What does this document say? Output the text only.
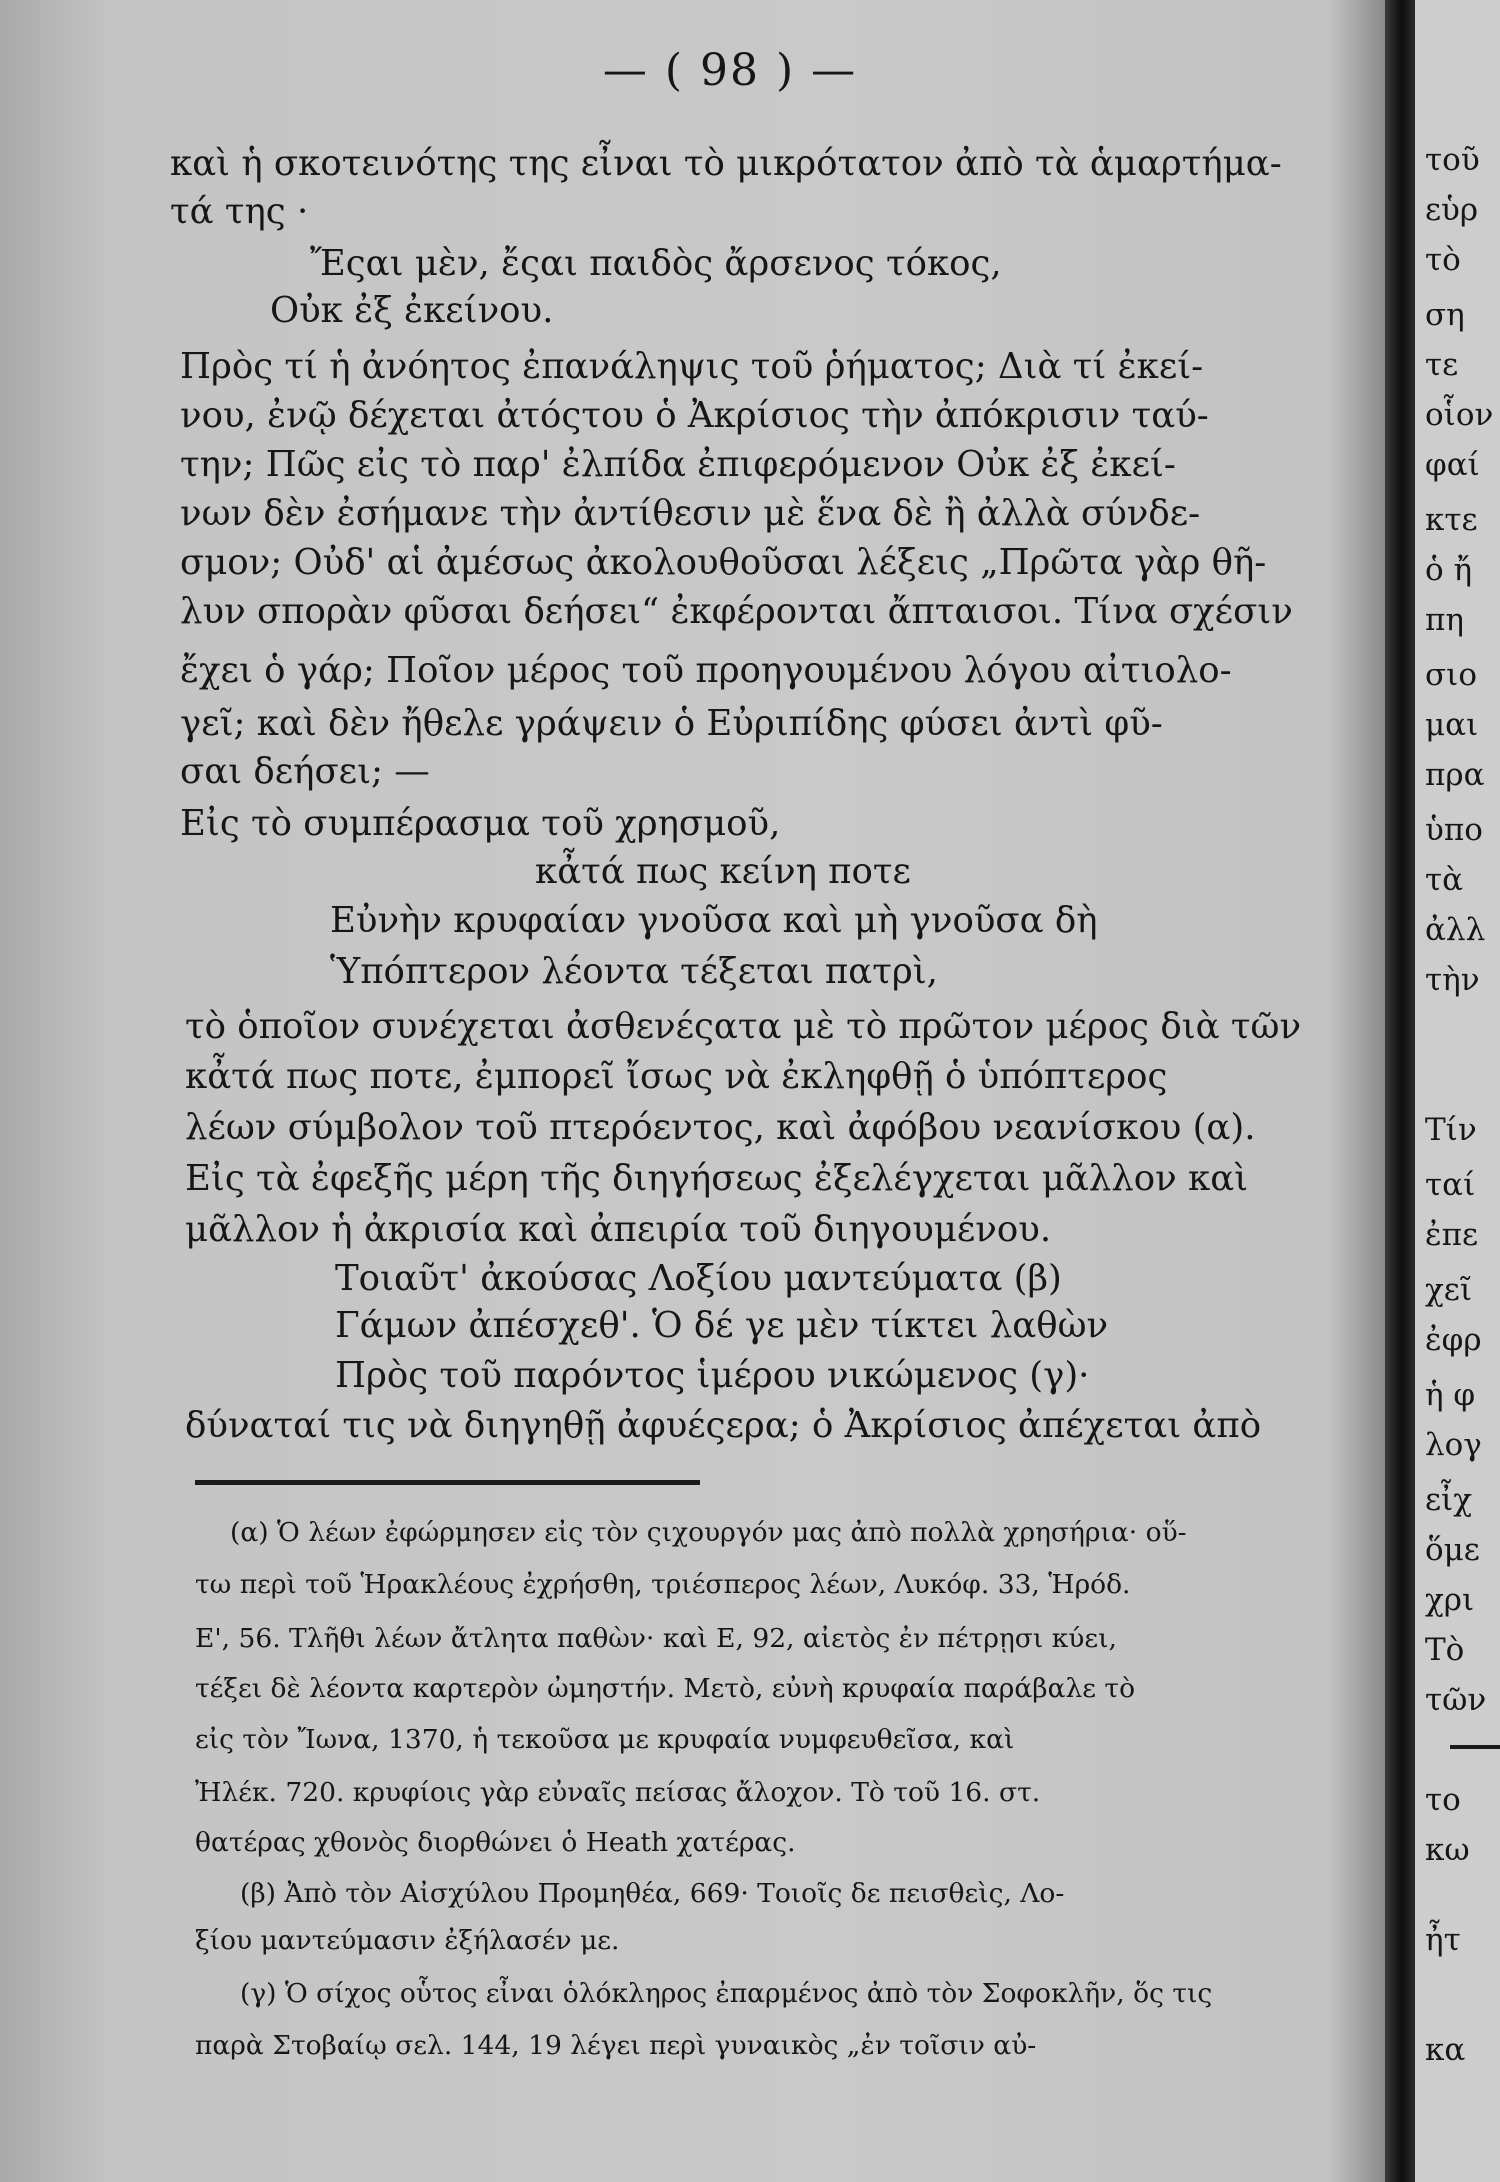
— ( 98 ) —
καὶ ἡ σκοτεινότης της εἶναι τὸ μικρότατον ἀπὸ τὰ ἁμαρτήμα-
τά της ·
Ἔςαι μὲν, ἔςαι παιδὸς ἄρσενος τόκος,
Οὐκ ἐξ ἐκείνου.
Πρὸς τί ἡ ἀνόητος ἐπανάληψις τοῦ ῥήματος; Διὰ τί ἐκεί-
νου, ἐνῷ δέχεται ἀτόςτου ὁ Ἀκρίσιος τὴν ἀπόκρισιν ταύ-
την; Πῶς εἰς τὸ παρ' ἐλπίδα ἐπιφερόμενον Οὐκ ἐξ ἐκεί-
νων δὲν ἐσήμανε τὴν ἀντίθεσιν μὲ ἕνα δὲ ἢ ἀλλὰ σύνδε-
σμον; Οὐδ' αἱ ἀμέσως ἀκολουθοῦσαι λέξεις „Πρῶτα γὰρ θῆ-
λυν σπορὰν φῦσαι δεήσει“ ἐκφέρονται ἄπταισοι. Τίνα σχέσιν
ἔχει ὁ γάρ; Ποῖον μέρος τοῦ προηγουμένου λόγου αἰτιολο-
γεῖ; καὶ δὲν ἤθελε γράψειν ὁ Εὐριπίδης φύσει ἀντὶ φῦ-
σαι δεήσει; —
Εἰς τὸ συμπέρασμα τοῦ χρησμοῦ,
κἆτά πως κείνη ποτε
Εὐνὴν κρυφαίαν γνοῦσα καὶ μὴ γνοῦσα δὴ
Ὑπόπτερον λέοντα τέξεται πατρὶ,
τὸ ὁποῖον συνέχεται ἀσθενέςατα μὲ τὸ πρῶτον μέρος διὰ τῶν
κἆτά πως ποτε, ἐμπορεῖ ἴσως νὰ ἐκληφθῇ ὁ ὑπόπτερος
λέων σύμβολον τοῦ πτερόεντος, καὶ ἀφόβου νεανίσκου (α).
Εἰς τὰ ἐφεξῆς μέρη τῆς διηγήσεως ἐξελέγχεται μᾶλλον καὶ
μᾶλλον ἡ ἀκρισία καὶ ἀπειρία τοῦ διηγουμένου.
Τοιαῦτ' ἀκούσας Λοξίου μαντεύματα (β)
Γάμων ἀπέσχεθ'. Ὁ δέ γε μὲν τίκτει λαθὼν
Πρὸς τοῦ παρόντος ἱμέρου νικώμενος (γ)·
δύναταί τις νὰ διηγηθῇ ἀφυέςερα; ὁ Ἀκρίσιος ἀπέχεται ἀπὸ
(α) Ὁ λέων ἐφώρμησεν εἰς τὸν ςιχουργόν μας ἀπὸ πολλὰ χρησήρια· οὕ-
τω περὶ τοῦ Ἡρακλέους ἐχρήσθη, τριέσπερος λέων, Λυκόφ. 33, Ἡρόδ.
Ε', 56. Τλῆθι λέων ἄτλητα παθὼν· καὶ Ε, 92, αἰετὸς ἐν πέτρῃσι κύει,
τέξει δὲ λέοντα καρτερὸν ὠμηστήν. Μετὸ, εὐνὴ κρυφαία παράβαλε τὸ
εἰς τὸν Ἴωνα, 1370, ἡ τεκοῦσα με κρυφαία νυμφευθεῖσα, καὶ
Ἠλέκ. 720. κρυφίοις γὰρ εὐναῖς πείσας ἄλοχον. Τὸ τοῦ 16. στ.
θατέρας χθονὸς διορθώνει ὁ Heath χατέρας.
(β) Ἀπὸ τὸν Αἰσχύλου Προμηθέα, 669· Τοιοῖς δε πεισθεὶς, Λο-
ξίου μαντεύμασιν ἐξήλασέν με.
(γ) Ὁ σίχος οὗτος εἶναι ὁλόκληρος ἐπαρμένος ἀπὸ τὸν Σοφοκλῆν, ὅς τις
παρὰ Στοβαίῳ σελ. 144, 19 λέγει περὶ γυναικὸς „ἐν τοῖσιν αὐ-
τοῦ
εὑρ
τὸ
ση
τε
οἷον
φαί
κτε
ὁ ἤ
πη
σιο
μαι
πρα
ὑπο
τὰ
ἀλλ
τὴν
Τίν
ταί
ἐπε
χεῖ
ἐφρ
ἡ φ
λογ
εἶχ
ὅμε
χρι
Τὸ
τῶν
το
κω
ἦτ
κα
